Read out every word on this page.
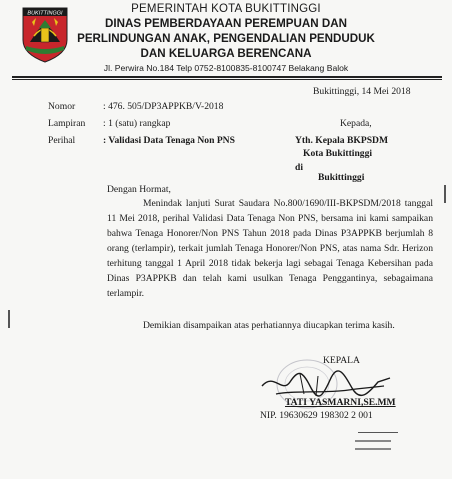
BUKITTINGGI	PEMERINTAH KOTA BUKITTINGGI
DINAS PEMBERDAYAAN PEREMPUAN DAN
PERLINDUNGAN ANAK, PENGENDALIAN PENDUDUK
DAN KELUARGA BERENCANA
Jl. Perwira No.184 Telp 0752-8100835-8100747 Belakang Balok
Bukittinggi, 14 Mei 2018
Nomor	: 476. 505/DP3APPKB/V-2018
Lampiran : 1 (satu) rangkap
Perihal	: Validasi Data Tenaga Non PNS
Kepada,
Yth. Kepala BKPSDM
Kota Bukittinggi
di
Bukittinggi
Dengan Hormat,
Menindak lanjuti Surat Saudara No.800/1690/III-BKPSDM/2018 tanggal 11 Mei 2018, perihal Validasi Data Tenaga Non PNS, bersama ini kami sampaikan bahwa Tenaga Honorer/Non PNS Tahun 2018 pada Dinas P3APPKB berjumlah 8 orang (terlampir), terkait jumlah Tenaga Honorer/Non PNS, atas nama Sdr. Herizon terhitung tanggal 1 April 2018 tidak bekerja lagi sebagai Tenaga Kebersihan pada Dinas P3APPKB dan telah kami usulkan Tenaga Penggantinya, sebagaimana terlampir.
Demikian disampaikan atas perhatiannya diucapkan terima kasih.
KEPALA
TATI YASMARNI,SE.MM
NIP. 19630629 198302 2 001
